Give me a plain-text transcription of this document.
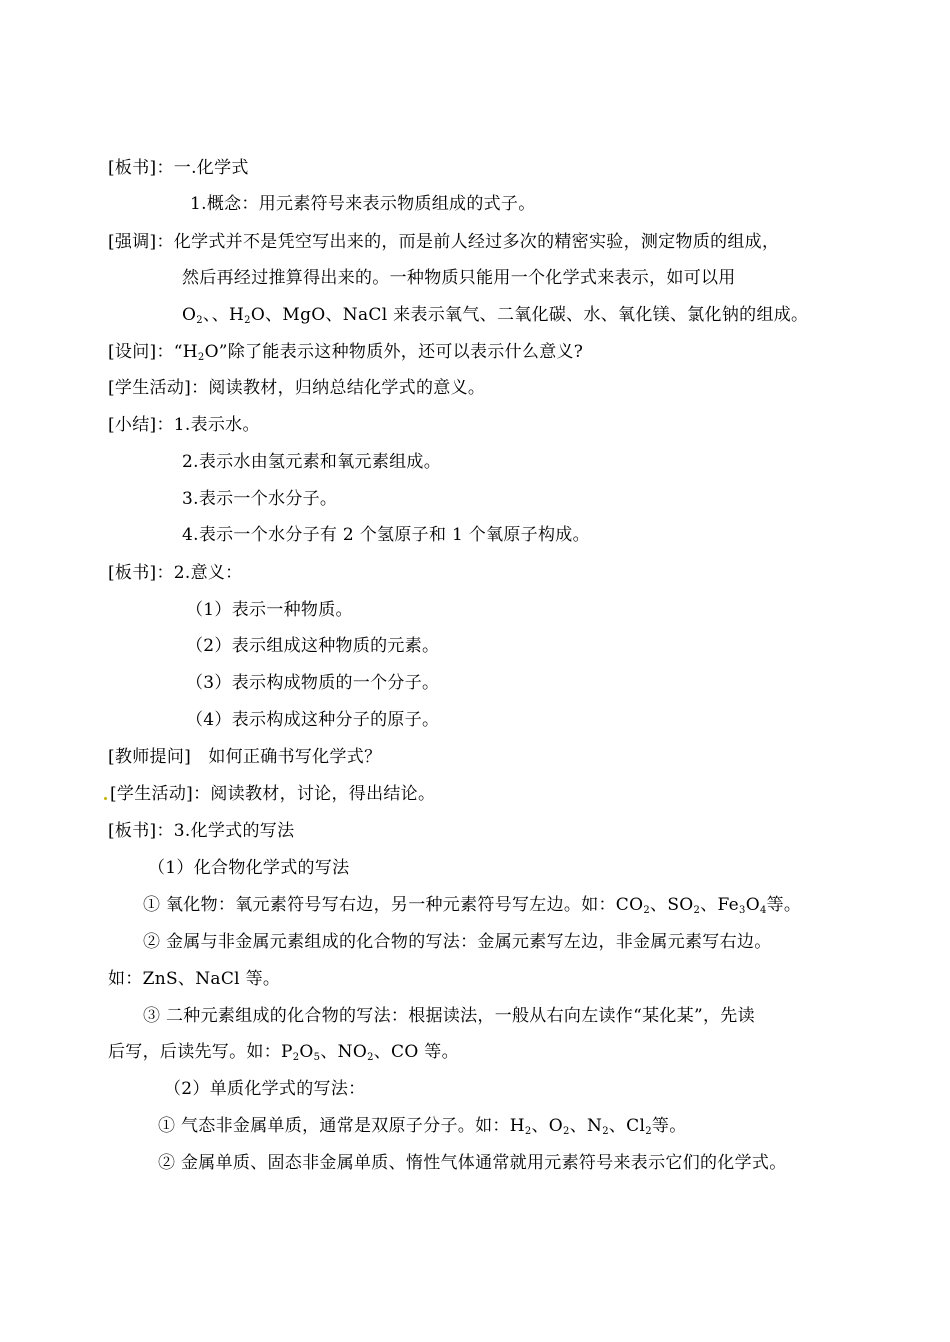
[板书]：一.化学式
1.概念：用元素符号来表示物质组成的式子。
[强调]：化学式并不是凭空写出来的，而是前人经过多次的精密实验，测定物质的组成，
然后再经过推算得出来的。一种物质只能用一个化学式来表示，如可以用
$O_2$、、$H_2O$、MgO、NaCl 来表示氧气、二氧化碳、水、氧化镁、氯化钠的组成。
[设问]：“$H_2O$”除了能表示这种物质外，还可以表示什么意义?
[学生活动]：阅读教材，归纳总结化学式的意义。
[小结]：1.表示水。
2.表示水由氢元素和氧元素组成。
3.表示一个水分子。
4.表示一个水分子有 2 个氢原子和 1 个氧原子构成。
[板书]：2.意义：
（1）表示一种物质。
（2）表示组成这种物质的元素。
（3）表示构成物质的一个分子。
（4）表示构成这种分子的原子。
[教师提问]　如何正确书写化学式？
[学生活动]：阅读教材，讨论，得出结论。
[板书]：3.化学式的写法
（1）化合物化学式的写法
① 氧化物：氧元素符号写右边，另一种元素符号写左边。如：$CO_2$、$SO_2$、$Fe_3O_4$等。
② 金属与非金属元素组成的化合物的写法：金属元素写左边，非金属元素写右边。
如：ZnS、NaCl 等。
③ 二种元素组成的化合物的写法：根据读法，一般从右向左读作“某化某”，先读
后写，后读先写。如：$P_2O_5$、$NO_2$、CO 等。
（2）单质化学式的写法：
① 气态非金属单质，通常是双原子分子。如：$H_2$、$O_2$、$N_2$、$Cl_2$等。
② 金属单质、固态非金属单质、惰性气体通常就用元素符号来表示它们的化学式。
